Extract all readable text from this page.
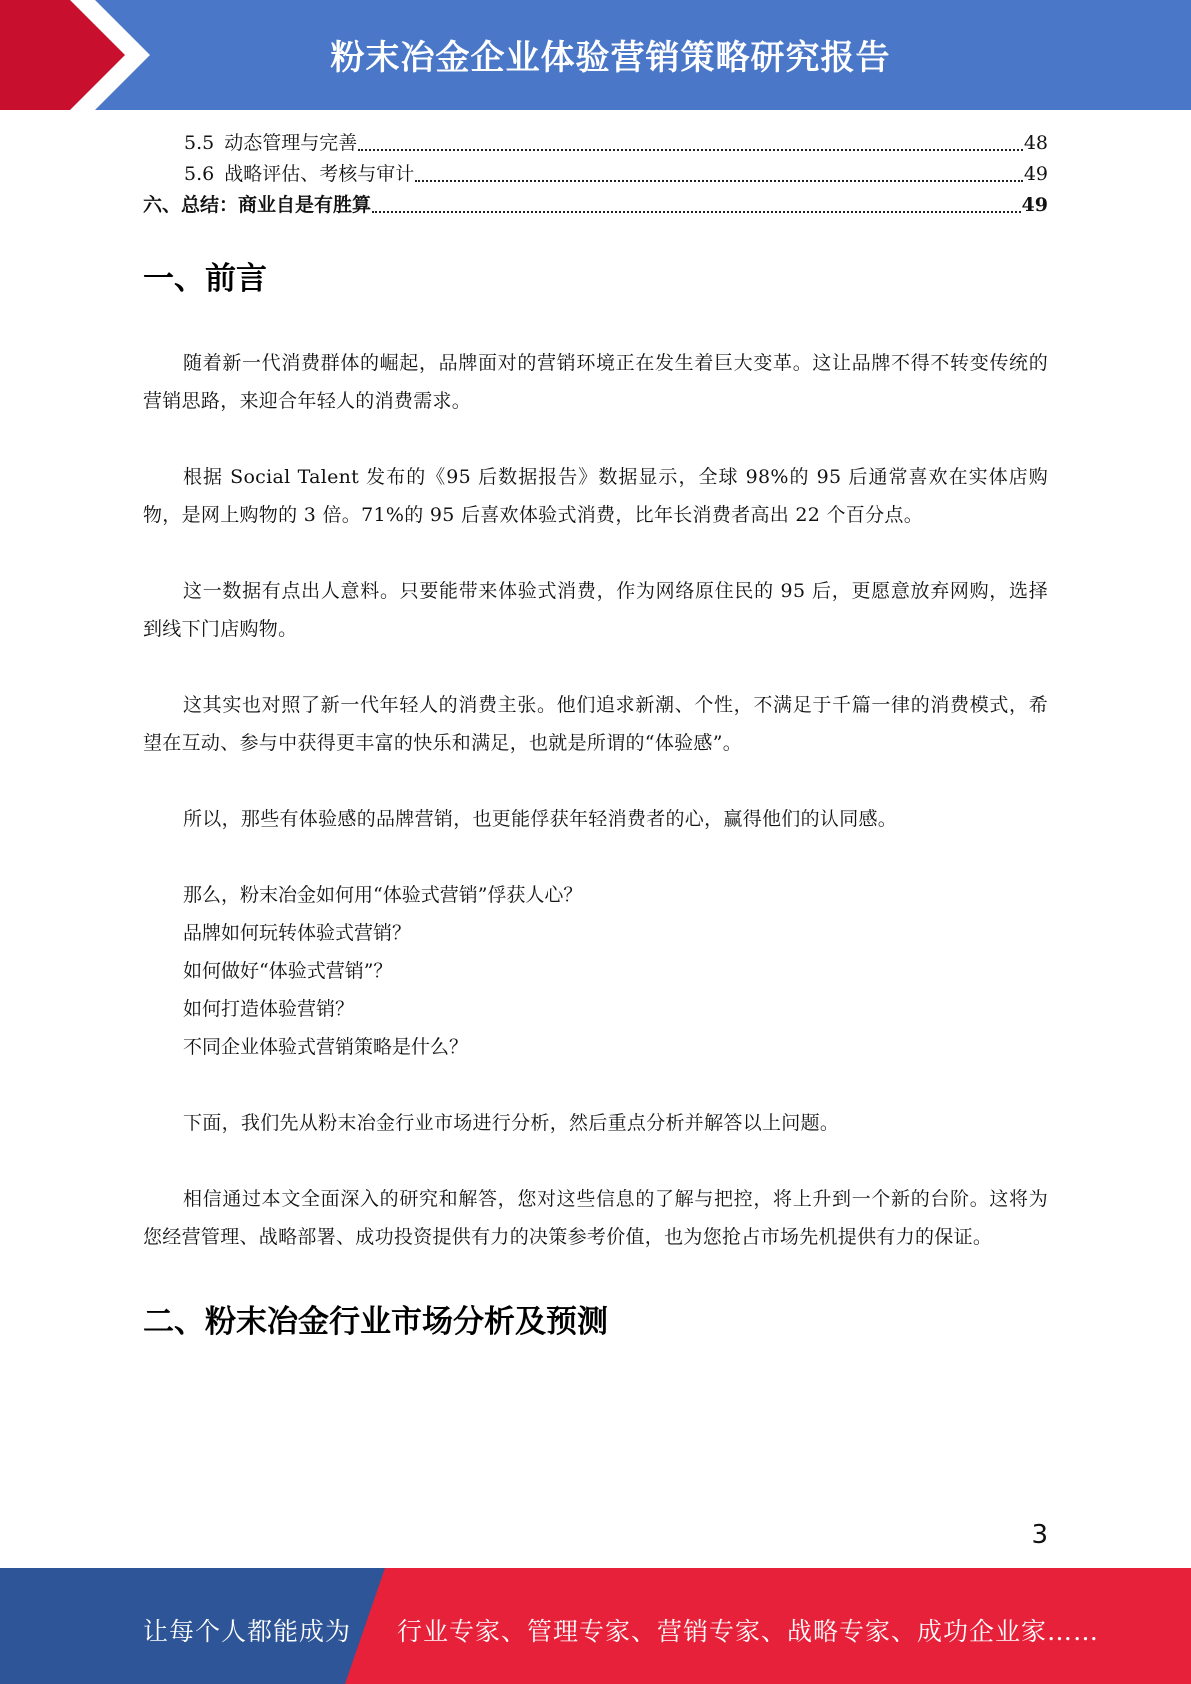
粉末冶金企业体验营销策略研究报告
5.5 动态管理与完善	48
5.6 战略评估、考核与审计	49
六、总结：商业自是有胜算	49
一、前言

随着新一代消费群体的崛起，品牌面对的营销环境正在发生着巨大变革。这让品牌不得不转变传统的营销思路，来迎合年轻人的消费需求。

根据 Social Talent 发布的《95 后数据报告》数据显示，全球 98%的 95 后通常喜欢在实体店购物，是网上购物的 3 倍。71%的 95 后喜欢体验式消费，比年长消费者高出 22 个百分点。

这一数据有点出人意料。只要能带来体验式消费，作为网络原住民的 95 后，更愿意放弃网购，选择到线下门店购物。

这其实也对照了新一代年轻人的消费主张。他们追求新潮、个性，不满足于千篇一律的消费模式，希望在互动、参与中获得更丰富的快乐和满足，也就是所谓的“体验感”。

所以，那些有体验感的品牌营销，也更能俘获年轻消费者的心，赢得他们的认同感。

那么，粉末冶金如何用“体验式营销”俘获人心？

品牌如何玩转体验式营销？

如何做好“体验式营销”？

如何打造体验营销？

不同企业体验式营销策略是什么？

下面，我们先从粉末冶金行业市场进行分析，然后重点分析并解答以上问题。

相信通过本文全面深入的研究和解答，您对这些信息的了解与把控，将上升到一个新的台阶。这将为您经营管理、战略部署、成功投资提供有力的决策参考价值，也为您抢占市场先机提供有力的保证。

二、粉末冶金行业市场分析及预测
3
让每个人都能成为 行业专家、管理专家、营销专家、战略专家、成功企业家……
